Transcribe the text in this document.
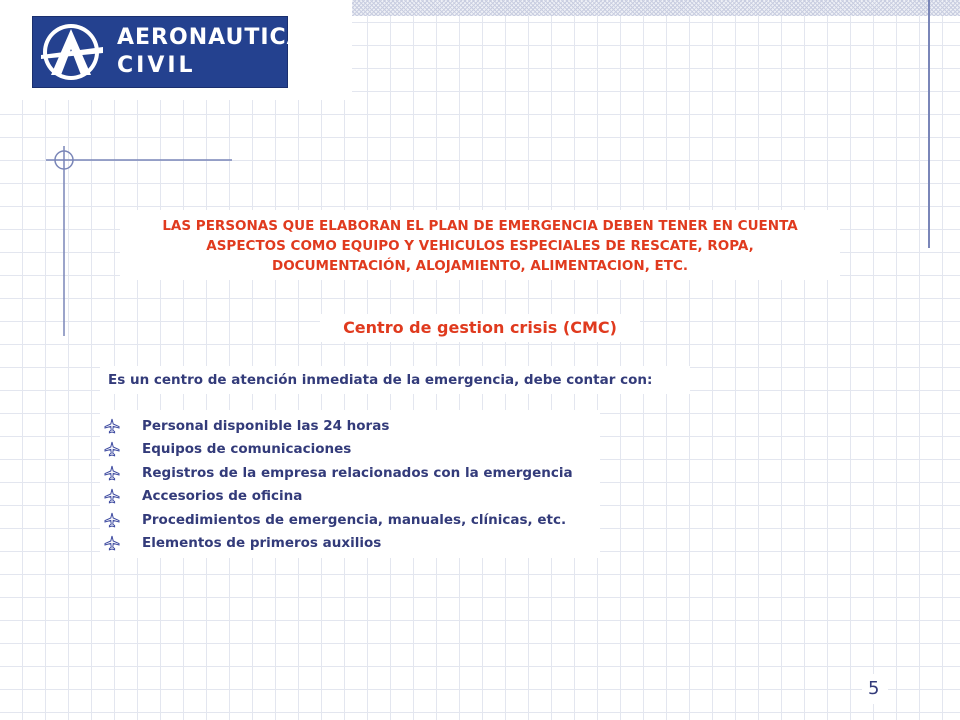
AERONAUTICA
CIVIL
LAS PERSONAS QUE ELABORAN EL PLAN DE EMERGENCIA DEBEN TENER EN CUENTA
ASPECTOS COMO EQUIPO Y VEHICULOS ESPECIALES DE RESCATE, ROPA,
DOCUMENTACIÓN, ALOJAMIENTO, ALIMENTACION, ETC.
Centro de gestion crisis (CMC)
Es un centro de atención inmediata de la emergencia, debe contar con:
Personal disponible las 24 horas
Equipos de comunicaciones
Registros de la empresa relacionados con la emergencia
Accesorios de oficina
Procedimientos de emergencia, manuales, clínicas, etc.
Elementos de primeros auxilios
5
